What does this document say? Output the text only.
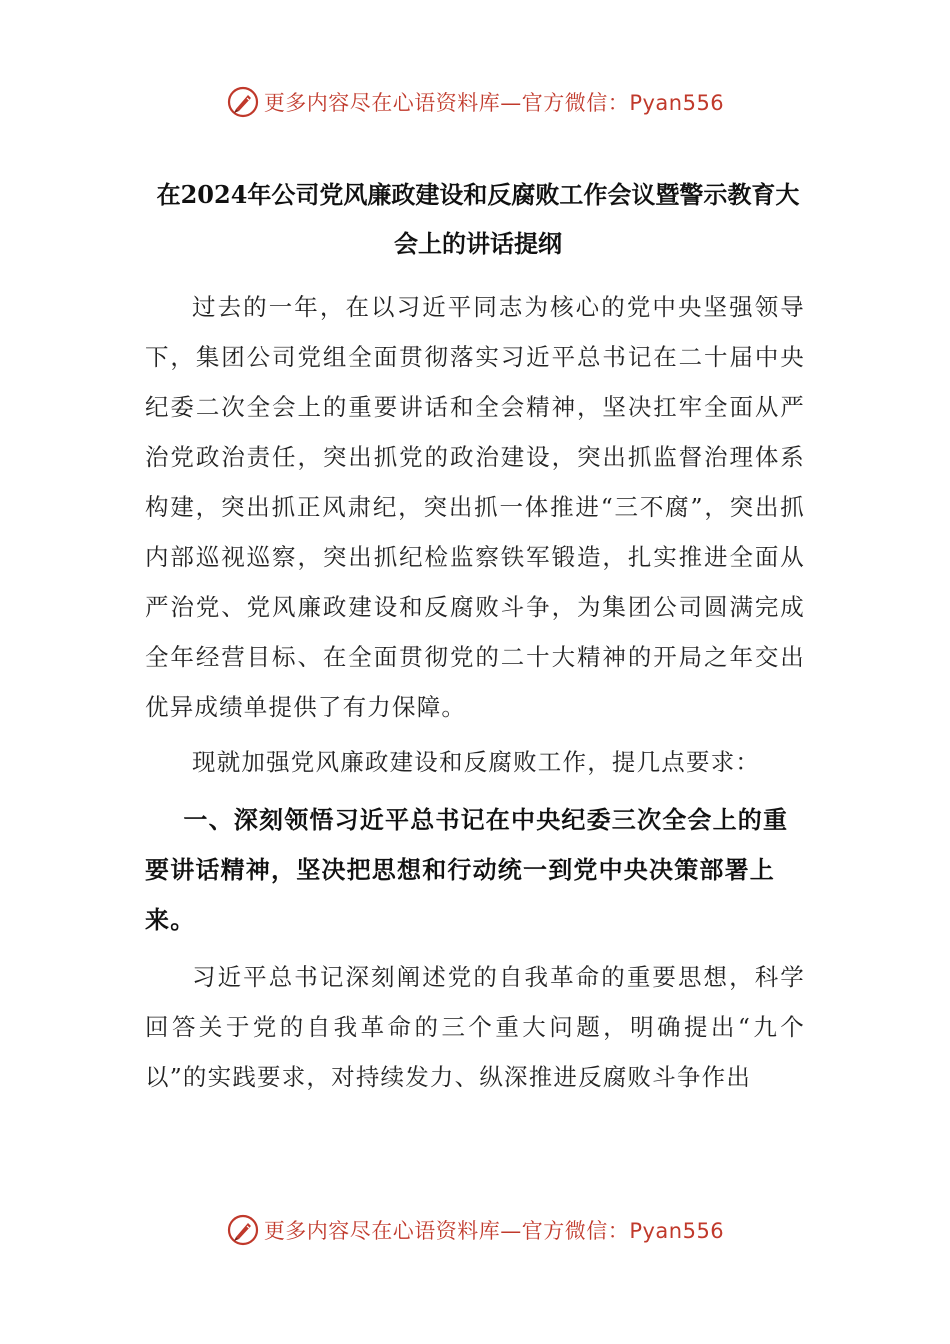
更多内容尽在心语资料库—官方微信：Pyan556
在2024年公司党风廉政建设和反腐败工作会议暨警示教育大会上的讲话提纲

过去的一年，在以习近平同志为核心的党中央坚强领导下，集团公司党组全面贯彻落实习近平总书记在二十届中央纪委二次全会上的重要讲话和全会精神，坚决扛牢全面从严治党政治责任，突出抓党的政治建设，突出抓监督治理体系构建，突出抓正风肃纪，突出抓一体推进“三不腐”，突出抓内部巡视巡察，突出抓纪检监察铁军锻造，扎实推进全面从严治党、党风廉政建设和反腐败斗争，为集团公司圆满完成全年经营目标、在全面贯彻党的二十大精神的开局之年交出优异成绩单提供了有力保障。

现就加强党风廉政建设和反腐败工作，提几点要求：

一、深刻领悟习近平总书记在中央纪委三次全会上的重要讲话精神，坚决把思想和行动统一到党中央决策部署上来。

习近平总书记深刻阐述党的自我革命的重要思想，科学回答关于党的自我革命的三个重大问题，明确提出“九个以”的实践要求，对持续发力、纵深推进反腐败斗争作出

更多内容尽在心语资料库—官方微信：Pyan556
